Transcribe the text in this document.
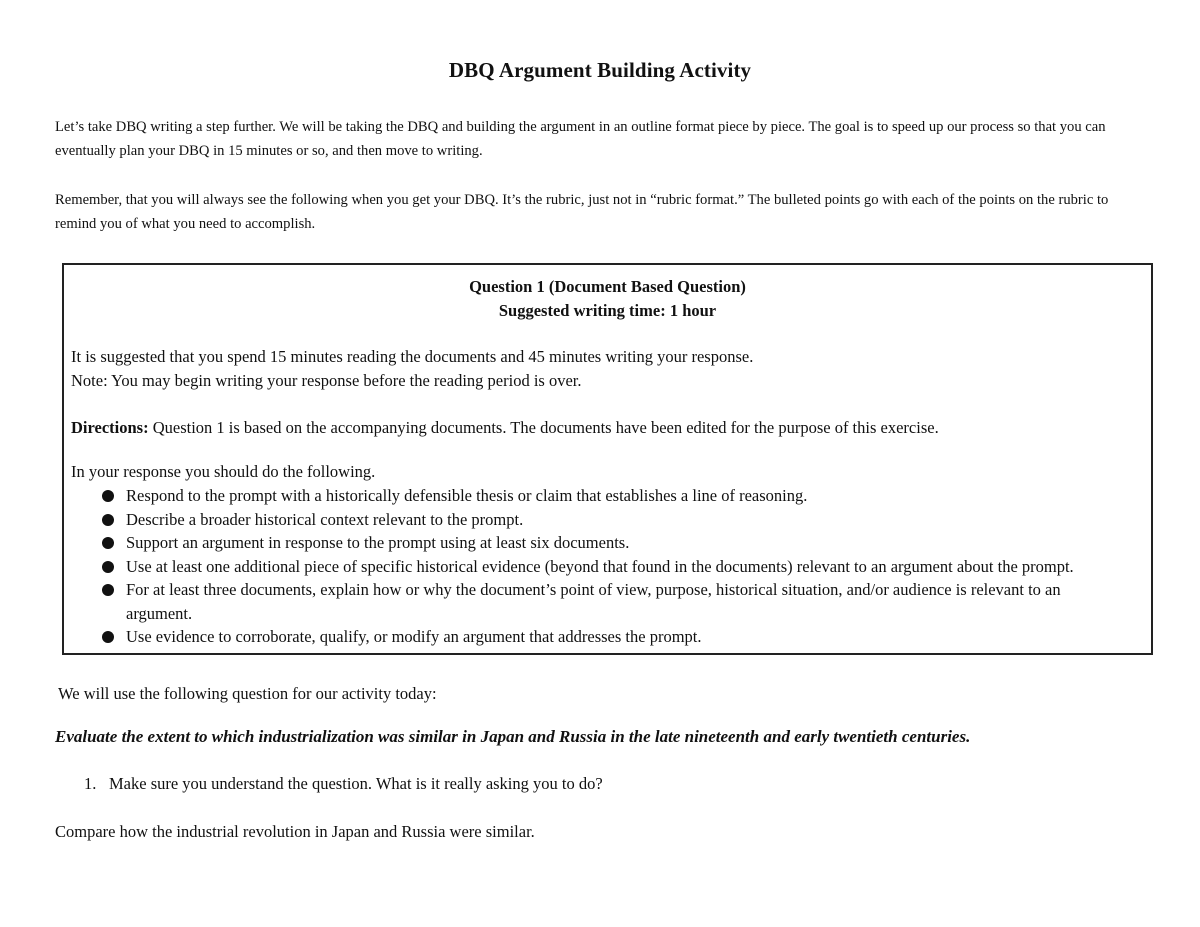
DBQ Argument Building Activity
Let’s take DBQ writing a step further. We will be taking the DBQ and building the argument in an outline format piece by piece. The goal is to speed up our process so that you can eventually plan your DBQ in 15 minutes or so, and then move to writing.
Remember, that you will always see the following when you get your DBQ. It’s the rubric, just not in “rubric format.” The bulleted points go with each of the points on the rubric to remind you of what you need to accomplish.
Question 1 (Document Based Question)
Suggested writing time: 1 hour
It is suggested that you spend 15 minutes reading the documents and 45 minutes writing your response.
Note: You may begin writing your response before the reading period is over.
Directions: Question 1 is based on the accompanying documents. The documents have been edited for the purpose of this exercise.
In your response you should do the following.
Respond to the prompt with a historically defensible thesis or claim that establishes a line of reasoning.
Describe a broader historical context relevant to the prompt.
Support an argument in response to the prompt using at least six documents.
Use at least one additional piece of specific historical evidence (beyond that found in the documents) relevant to an argument about the prompt.
For at least three documents, explain how or why the document’s point of view, purpose, historical situation, and/or audience is relevant to an argument.
Use evidence to corroborate, qualify, or modify an argument that addresses the prompt.
We will use the following question for our activity today:
Evaluate the extent to which industrialization was similar in Japan and Russia in the late nineteenth and early twentieth centuries.
1. Make sure you understand the question. What is it really asking you to do?
Compare how the industrial revolution in Japan and Russia were similar.
